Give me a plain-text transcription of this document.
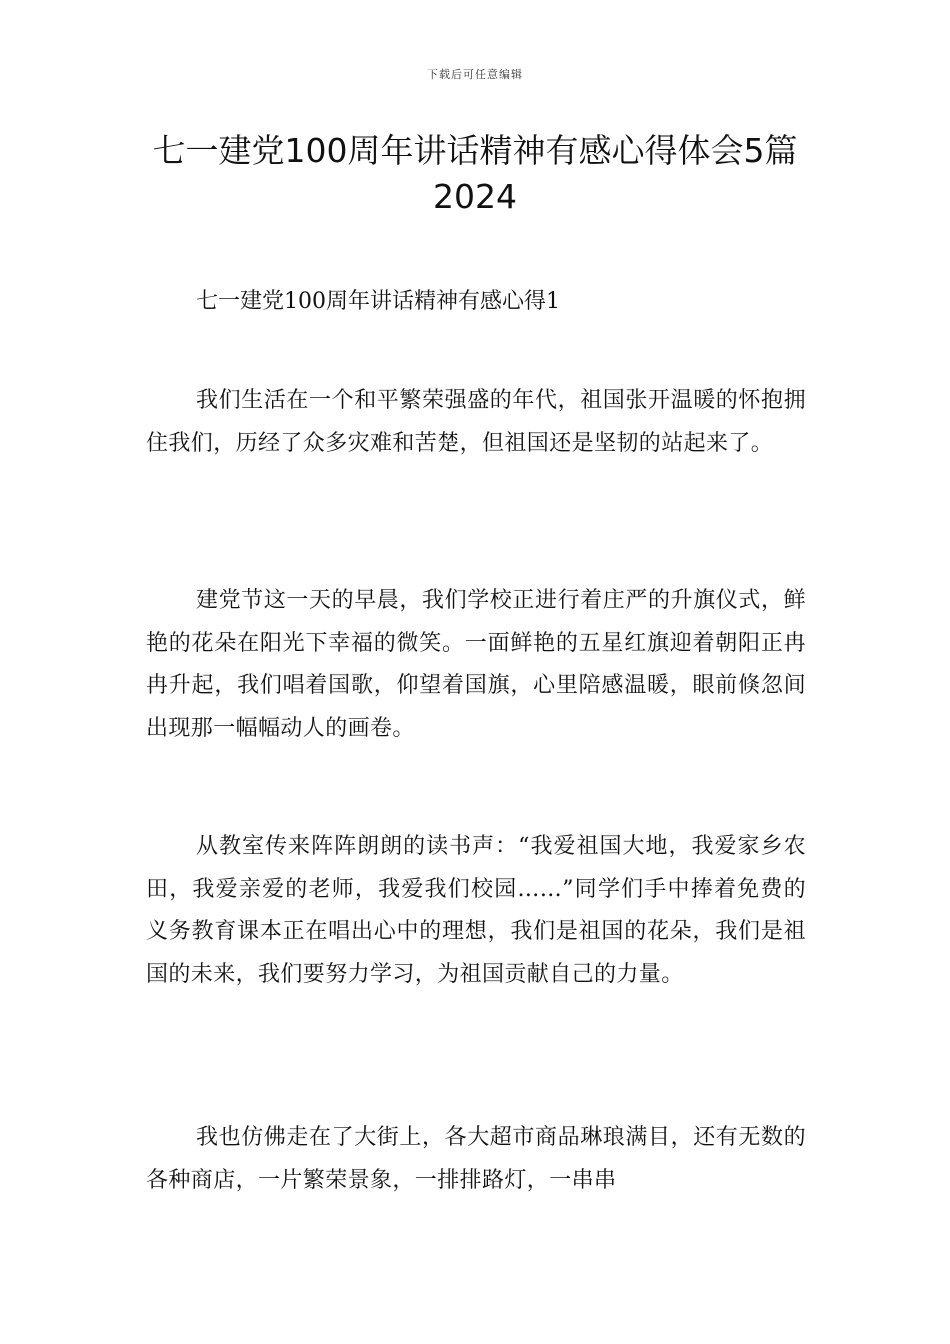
下载后可任意编辑
七一建党100周年讲话精神有感心得体会5篇2024

七一建党100周年讲话精神有感心得1

我们生活在一个和平繁荣强盛的年代，祖国张开温暖的怀抱拥住我们，历经了众多灾难和苦楚，但祖国还是坚韧的站起来了。

建党节这一天的早晨，我们学校正进行着庄严的升旗仪式，鲜艳的花朵在阳光下幸福的微笑。一面鲜艳的五星红旗迎着朝阳正冉冉升起，我们唱着国歌，仰望着国旗，心里陪感温暖，眼前倏忽间出现那一幅幅动人的画卷。

从教室传来阵阵朗朗的读书声：“我爱祖国大地，我爱家乡农田，我爱亲爱的老师，我爱我们校园……”同学们手中捧着免费的义务教育课本正在唱出心中的理想，我们是祖国的花朵，我们是祖国的未来，我们要努力学习，为祖国贡献自己的力量。

我也仿佛走在了大街上，各大超市商品琳琅满目，还有无数的各种商店，一片繁荣景象，一排排路灯，一串串
